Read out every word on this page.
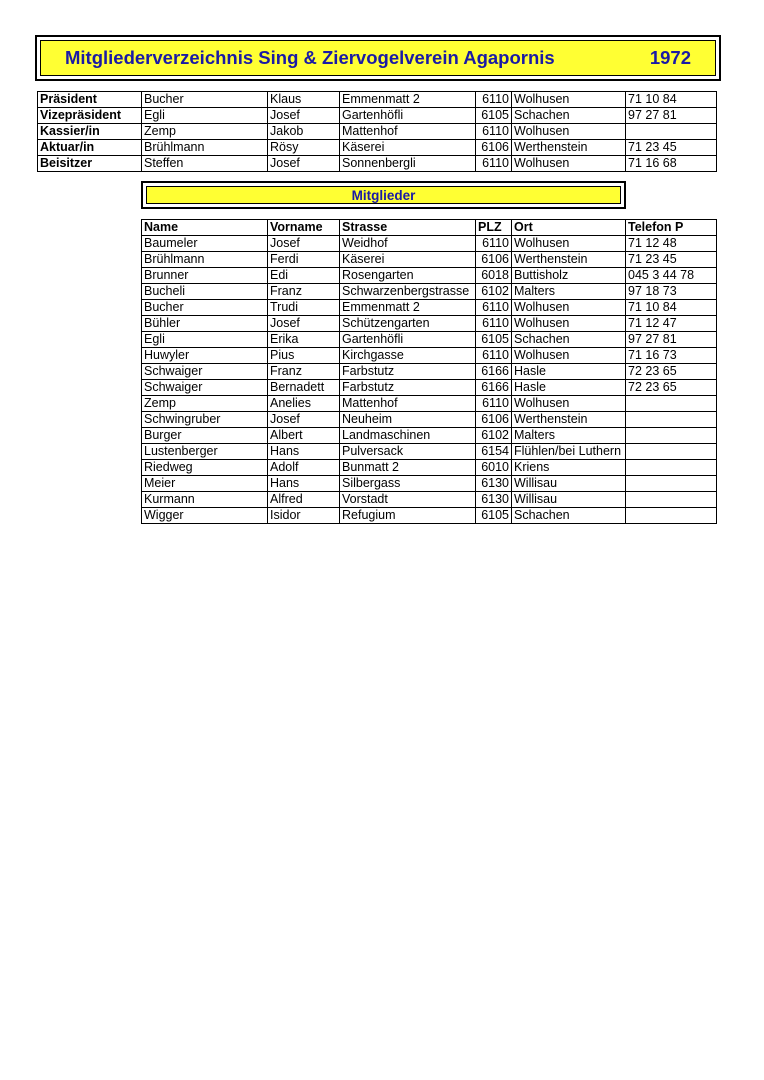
Mitgliederverzeichnis Sing & Ziervogelverein Agapornis	1972
Präsident	Bucher	Klaus	Emmenmatt 2	6110	Wolhusen	71 10 84
Vizepräsident	Egli	Josef	Gartenhöfli	6105	Schachen	97 27 81
Kassier/in	Zemp	Jakob	Mattenhof	6110	Wolhusen	
Aktuar/in	Brühlmann	Rösy	Käserei	6106	Werthenstein	71 23 45
Beisitzer	Steffen	Josef	Sonnenbergli	6110	Wolhusen	71 16 68
Mitglieder
Name	Vorname	Strasse	PLZ	Ort	Telefon P
Baumeler	Josef	Weidhof	6110	Wolhusen	71 12 48
Brühlmann	Ferdi	Käserei	6106	Werthenstein	71 23 45
Brunner	Edi	Rosengarten	6018	Buttisholz	045 3 44 78
Bucheli	Franz	Schwarzenbergstrasse	6102	Malters	97 18 73
Bucher	Trudi	Emmenmatt 2	6110	Wolhusen	71 10 84
Bühler	Josef	Schützengarten	6110	Wolhusen	71 12 47
Egli	Erika	Gartenhöfli	6105	Schachen	97 27 81
Huwyler	Pius	Kirchgasse	6110	Wolhusen	71 16 73
Schwaiger	Franz	Farbstutz	6166	Hasle	72 23 65
Schwaiger	Bernadett	Farbstutz	6166	Hasle	72 23 65
Zemp	Anelies	Mattenhof	6110	Wolhusen	
Schwingruber	Josef	Neuheim	6106	Werthenstein	
Burger	Albert	Landmaschinen	6102	Malters	
Lustenberger	Hans	Pulversack	6154	Flühlen/bei Luthern	
Riedweg	Adolf	Bunmatt 2	6010	Kriens	
Meier	Hans	Silbergass	6130	Willisau	
Kurmann	Alfred	Vorstadt	6130	Willisau	
Wigger	Isidor	Refugium	6105	Schachen	
